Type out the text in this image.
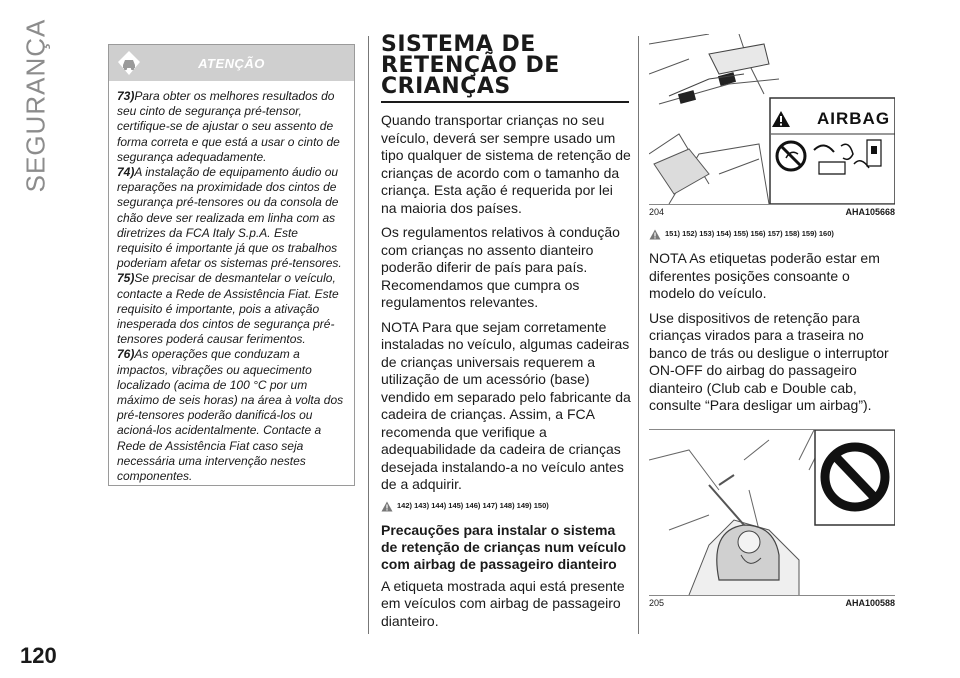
SEGURANÇA
120
ATENÇÃO

73)Para obter os melhores resultados do seu cinto de segurança pré-tensor, certifique-se de ajustar o seu assento de forma correta e que está a usar o cinto de segurança adequadamente.

74)A instalação de equipamento áudio ou reparações na proximidade dos cintos de segurança pré-tensores ou da consola de chão deve ser realizada em linha com as diretrizes da FCA Italy S.p.A. Este requisito é importante já que os trabalhos poderiam afetar os sistemas pré-tensores.

75)Se precisar de desmantelar o veículo, contacte a Rede de Assistência Fiat. Este requisito é importante, pois a ativação inesperada dos cintos de segurança pré-tensores poderá causar ferimentos.

76)As operações que conduzam a impactos, vibrações ou aquecimento localizado (acima de 100 °C por um máximo de seis horas) na área à volta dos pré-tensores poderão danificá-los ou acioná-los acidentalmente. Contacte a Rede de Assistência Fiat caso seja necessária uma intervenção nestes componentes.

SISTEMA DE
RETENÇÃO DE
CRIANÇAS

Quando transportar crianças no seu veículo, deverá ser sempre usado um tipo qualquer de sistema de retenção de crianças de acordo com o tamanho da criança. Esta ação é requerida por lei na maioria dos países.

Os regulamentos relativos à condução com crianças no assento dianteiro poderão diferir de país para país. Recomendamos que cumpra os regulamentos relevantes.

NOTA Para que sejam corretamente instaladas no veículo, algumas cadeiras de crianças universais requerem a utilização de um acessório (base) vendido em separado pelo fabricante da cadeira de crianças. Assim, a FCA recomenda que verifique a adequabilidade da cadeira de crianças desejada instalando-a no veículo antes de a adquirir.

142) 143) 144) 145) 146) 147) 148) 149) 150)
Precauções para instalar o sistema de retenção de crianças num veículo com airbag de passageiro dianteiro

A etiqueta mostrada aqui está presente em veículos com airbag de passageiro dianteiro.

AIRBAG
204	AHA105668
151) 152) 153) 154) 155) 156) 157) 158) 159) 160)

NOTA As etiquetas poderão estar em diferentes posições consoante o modelo do veículo.

Use dispositivos de retenção para crianças virados para a traseira no banco de trás ou desligue o interruptor ON-OFF do airbag do passageiro dianteiro (Club cab e Double cab, consulte “Para desligar um airbag”).

205	AHA100588
